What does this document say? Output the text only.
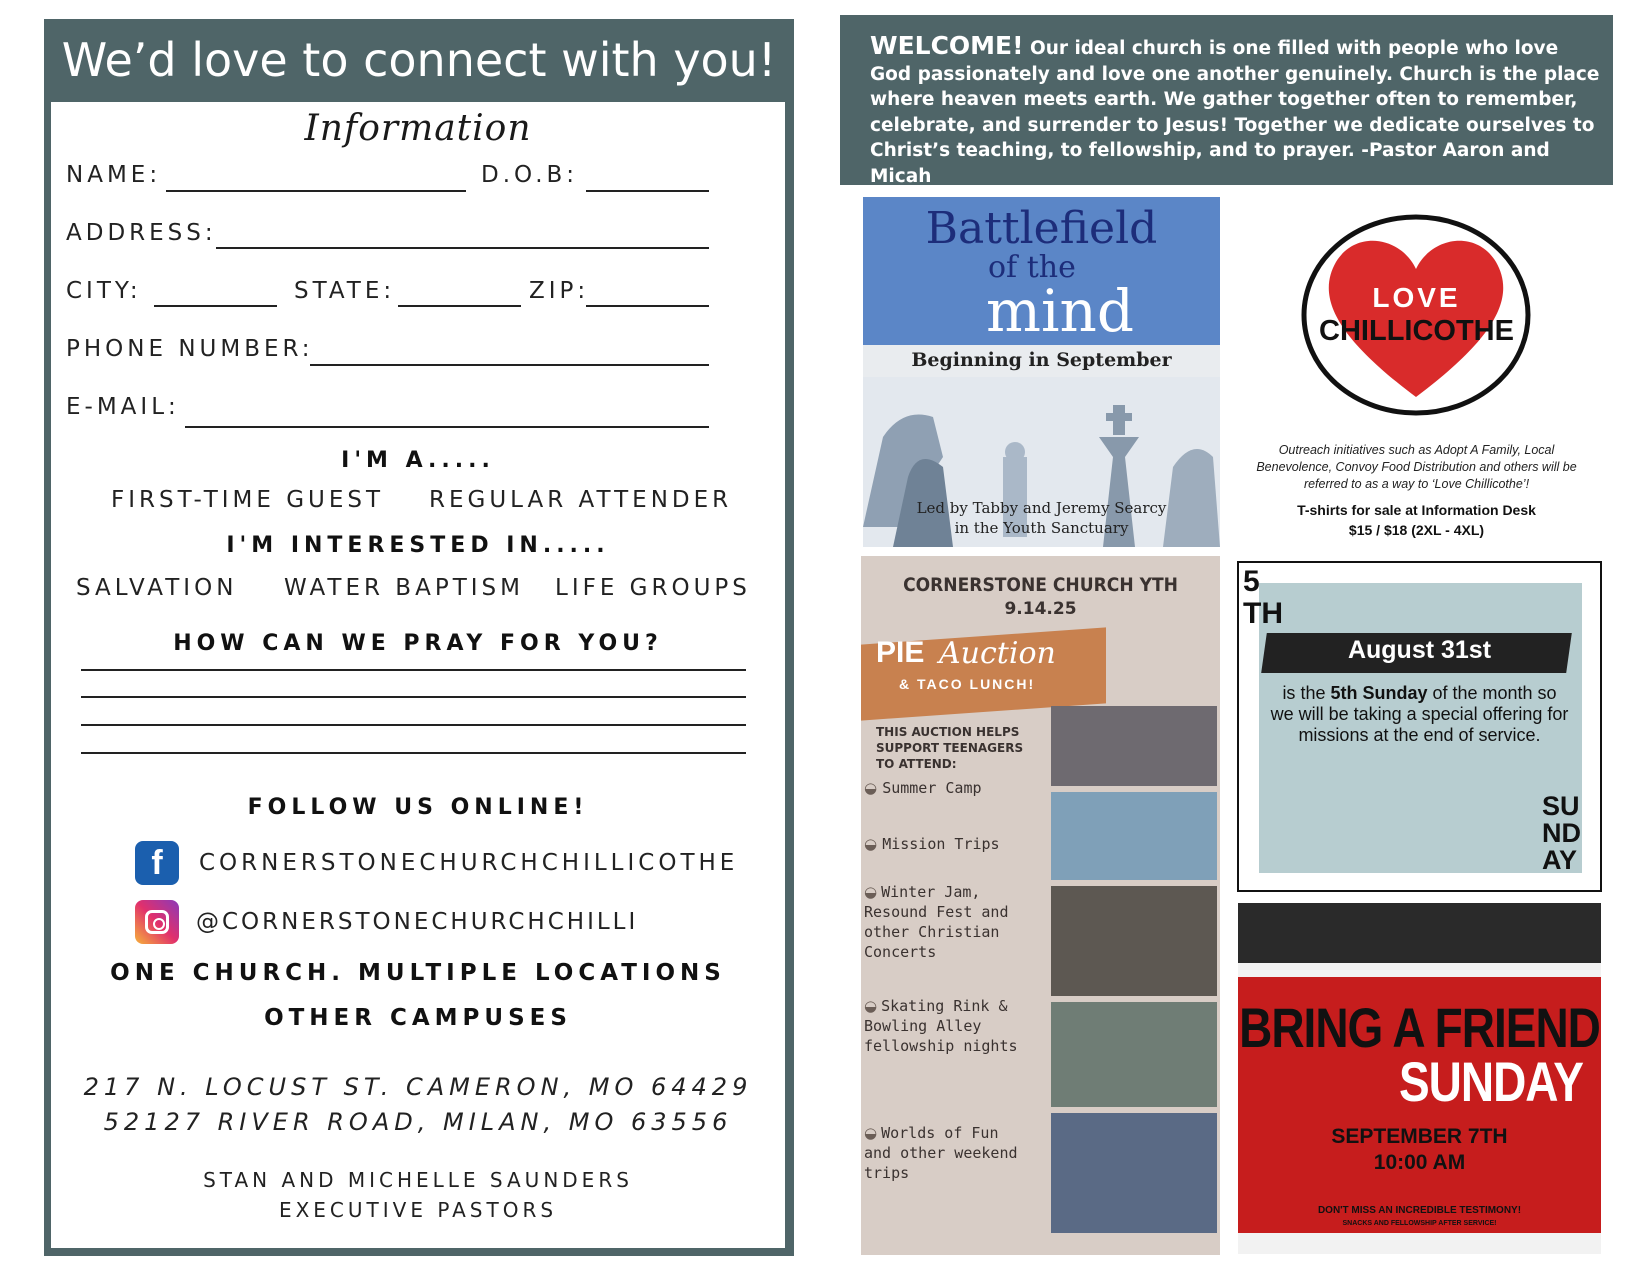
We’d love to connect with you!
Information
NAME:	D.O.B:
ADDRESS:
CITY:	STATE:	ZIP:
PHONE NUMBER:
E-MAIL:
I'M A.....
FIRST-TIME GUEST REGULAR ATTENDER
I'M INTERESTED IN.....
SALVATION WATER BAPTISM LIFE GROUPS
HOW CAN WE PRAY FOR YOU?
FOLLOW US ONLINE!
f	CORNERSTONECHURCHCHILLICOTHE
@CORNERSTONECHURCHCHILLI
ONE CHURCH. MULTIPLE LOCATIONS
OTHER CAMPUSES
217 N. LOCUST ST. CAMERON, MO 64429
52127 RIVER ROAD, MILAN, MO 63556
STAN AND MICHELLE SAUNDERS
EXECUTIVE PASTORS
WELCOME! Our ideal church is one filled with people who love God passionately and love one another genuinely. Church is the place where heaven meets earth. We gather together often to remember, celebrate, and surrender to Jesus! Together we dedicate ourselves to Christ’s teaching, to fellowship, and to prayer. -Pastor Aaron and Micah
Battlefield
of the
mind
Beginning in September
Led by Tabby and Jeremy Searcy
in the Youth Sanctuary
LOVE
CHILLICOTHE
Outreach initiatives such as Adopt A Family, Local Benevolence, Convoy Food Distribution and others will be referred to as a way to ‘Love Chillicothe’!
T-shirts for sale at Information Desk
$15 / $18 (2XL - 4XL)
CORNERSTONE CHURCH YTH
9.14.25
PIE Auction
& TACO LUNCH!
THIS AUCTION HELPS SUPPORT TEENAGERS TO ATTEND:
◒ Summer Camp
◒ Mission Trips
◒ Winter Jam, Resound Fest and other Christian Concerts
◒ Skating Rink & Bowling Alley fellowship nights
◒ Worlds of Fun and other weekend trips
5
TH
August 31st
is the 5th Sunday of the month so we will be taking a special offering for missions at the end of service.
SU
ND
AY
BRING A FRIEND
SUNDAY
SEPTEMBER 7TH
10:00 AM
DON'T MISS AN INCREDIBLE TESTIMONY!
SNACKS AND FELLOWSHIP AFTER SERVICE!
